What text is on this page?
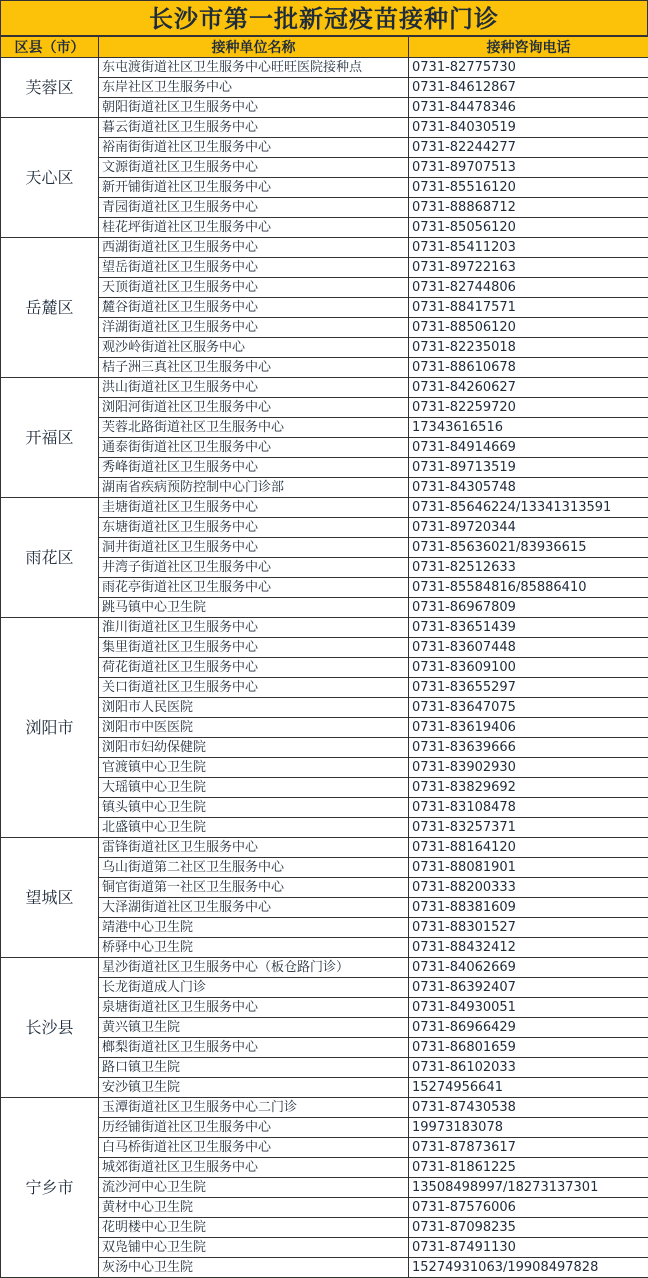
长沙市第一批新冠疫苗接种门诊
区县（市）	接种单位名称	接种咨询电话
芙蓉区	东屯渡街道社区卫生服务中心旺旺医院接种点	0731-82775730
	东岸社区卫生服务中心	0731-84612867
	朝阳街道社区卫生服务中心	0731-84478346
天心区	暮云街道社区卫生服务中心	0731-84030519
	裕南街街道社区卫生服务中心	0731-82244277
	文源街道社区卫生服务中心	0731-89707513
	新开铺街道社区卫生服务中心	0731-85516120
	青园街道社区卫生服务中心	0731-88868712
	桂花坪街道社区卫生服务中心	0731-85056120
岳麓区	西湖街道社区卫生服务中心	0731-85411203
	望岳街道社区卫生服务中心	0731-89722163
	天顶街道社区卫生服务中心	0731-82744806
	麓谷街道社区卫生服务中心	0731-88417571
	洋湖街道社区卫生服务中心	0731-88506120
	观沙岭街道社区服务中心	0731-82235018
	桔子洲三真社区卫生服务中心	0731-88610678
开福区	洪山街道社区卫生服务中心	0731-84260627
	浏阳河街道社区卫生服务中心	0731-82259720
	芙蓉北路街道社区卫生服务中心	17343616516
	通泰街街道社区卫生服务中心	0731-84914669
	秀峰街道社区卫生服务中心	0731-89713519
	湖南省疾病预防控制中心门诊部	0731-84305748
雨花区	圭塘街道社区卫生服务中心	0731-85646224/13341313591
	东塘街道社区卫生服务中心	0731-89720344
	洞井街道社区卫生服务中心	0731-85636021/83936615
	井湾子街道社区卫生服务中心	0731-82512633
	雨花亭街道社区卫生服务中心	0731-85584816/85886410
	跳马镇中心卫生院	0731-86967809
浏阳市	淮川街道社区卫生服务中心	0731-83651439
	集里街道社区卫生服务中心	0731-83607448
	荷花街道社区卫生服务中心	0731-83609100
	关口街道社区卫生服务中心	0731-83655297
	浏阳市人民医院	0731-83647075
	浏阳市中医医院	0731-83619406
	浏阳市妇幼保健院	0731-83639666
	官渡镇中心卫生院	0731-83902930
	大瑶镇中心卫生院	0731-83829692
	镇头镇中心卫生院	0731-83108478
	北盛镇中心卫生院	0731-83257371
望城区	雷锋街道社区卫生服务中心	0731-88164120
	乌山街道第二社区卫生服务中心	0731-88081901
	铜官街道第一社区卫生服务中心	0731-88200333
	大泽湖街道社区卫生服务中心	0731-88381609
	靖港中心卫生院	0731-88301527
	桥驿中心卫生院	0731-88432412
长沙县	星沙街道社区卫生服务中心（板仓路门诊）	0731-84062669
	长龙街道成人门诊	0731-86392407
	泉塘街道社区卫生服务中心	0731-84930051
	黄兴镇卫生院	0731-86966429
	榔梨街道社区卫生服务中心	0731-86801659
	路口镇卫生院	0731-86102033
	安沙镇卫生院	15274956641
宁乡市	玉潭街道社区卫生服务中心二门诊	0731-87430538
	历经铺街道社区卫生服务中心	19973183078
	白马桥街道社区卫生服务中心	0731-87873617
	城郊街道社区卫生服务中心	0731-81861225
	流沙河中心卫生院	13508498997/18273137301
	黄材中心卫生院	0731-87576006
	花明楼中心卫生院	0731-87098235
	双凫铺中心卫生院	0731-87491130
	灰汤中心卫生院	15274931063/19908497828
